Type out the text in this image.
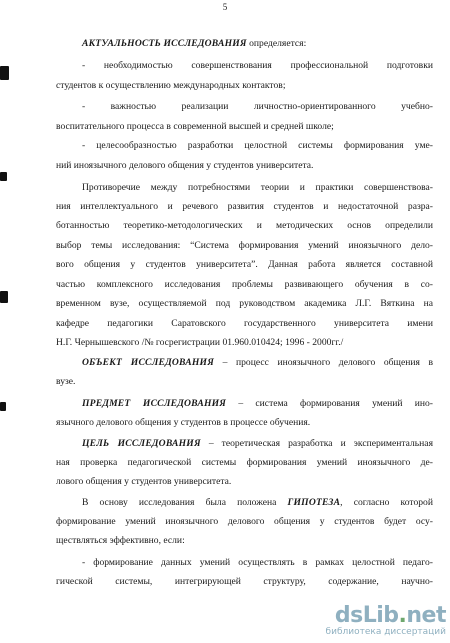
5
АКТУАЛЬНОСТЬ ИССЛЕДОВАНИЯ определяется:
- необходимостью совершенствования профессиональной подготовки
студентов к осуществлению международных контактов;
- важностью реализации личностно-ориентированного учебно-
воспитательного процесса в современной высшей и средней школе;
- целесообразностью разработки целостной системы формирования уме-
ний иноязычного делового общения у студентов университета.
Противоречие между потребностями теории и практики совершенствова-
ния интеллектуального и речевого развития студентов и недостаточной разра-
ботанностью теоретико-методологических и методических основ определили
выбор темы исследования: “Система формирования умений иноязычного дело-
вого общения у студентов университета”. Данная работа является составной
частью комплексного исследования проблемы развивающего обучения в со-
временном вузе, осуществляемой под руководством академика Л.Г. Вяткина на
кафедре педагогики Саратовского государственного университета имени
Н.Г. Чернышевского /№ госрегистрации 01.960.010424; 1996 - 2000гг./
ОБЪЕКТ ИССЛЕДОВАНИЯ – процесс иноязычного делового общения в
вузе.
ПРЕДМЕТ ИССЛЕДОВАНИЯ – система формирования умений ино-
язычного делового общения у студентов в процессе обучения.
ЦЕЛЬ ИССЛЕДОВАНИЯ – теоретическая разработка и экспериментальная
ная проверка педагогической системы формирования умений иноязычного де-
лового общения у студентов университета.
В основу исследования была положена ГИПОТЕЗА, согласно которой
формирование умений иноязычного делового общения у студентов будет осу-
ществляться эффективно, если:
- формирование данных умений осуществлять в рамках целостной педаго-
гической системы, интегрирующей структуру, содержание, научно-
dsLib.net
библиотека диссертаций
